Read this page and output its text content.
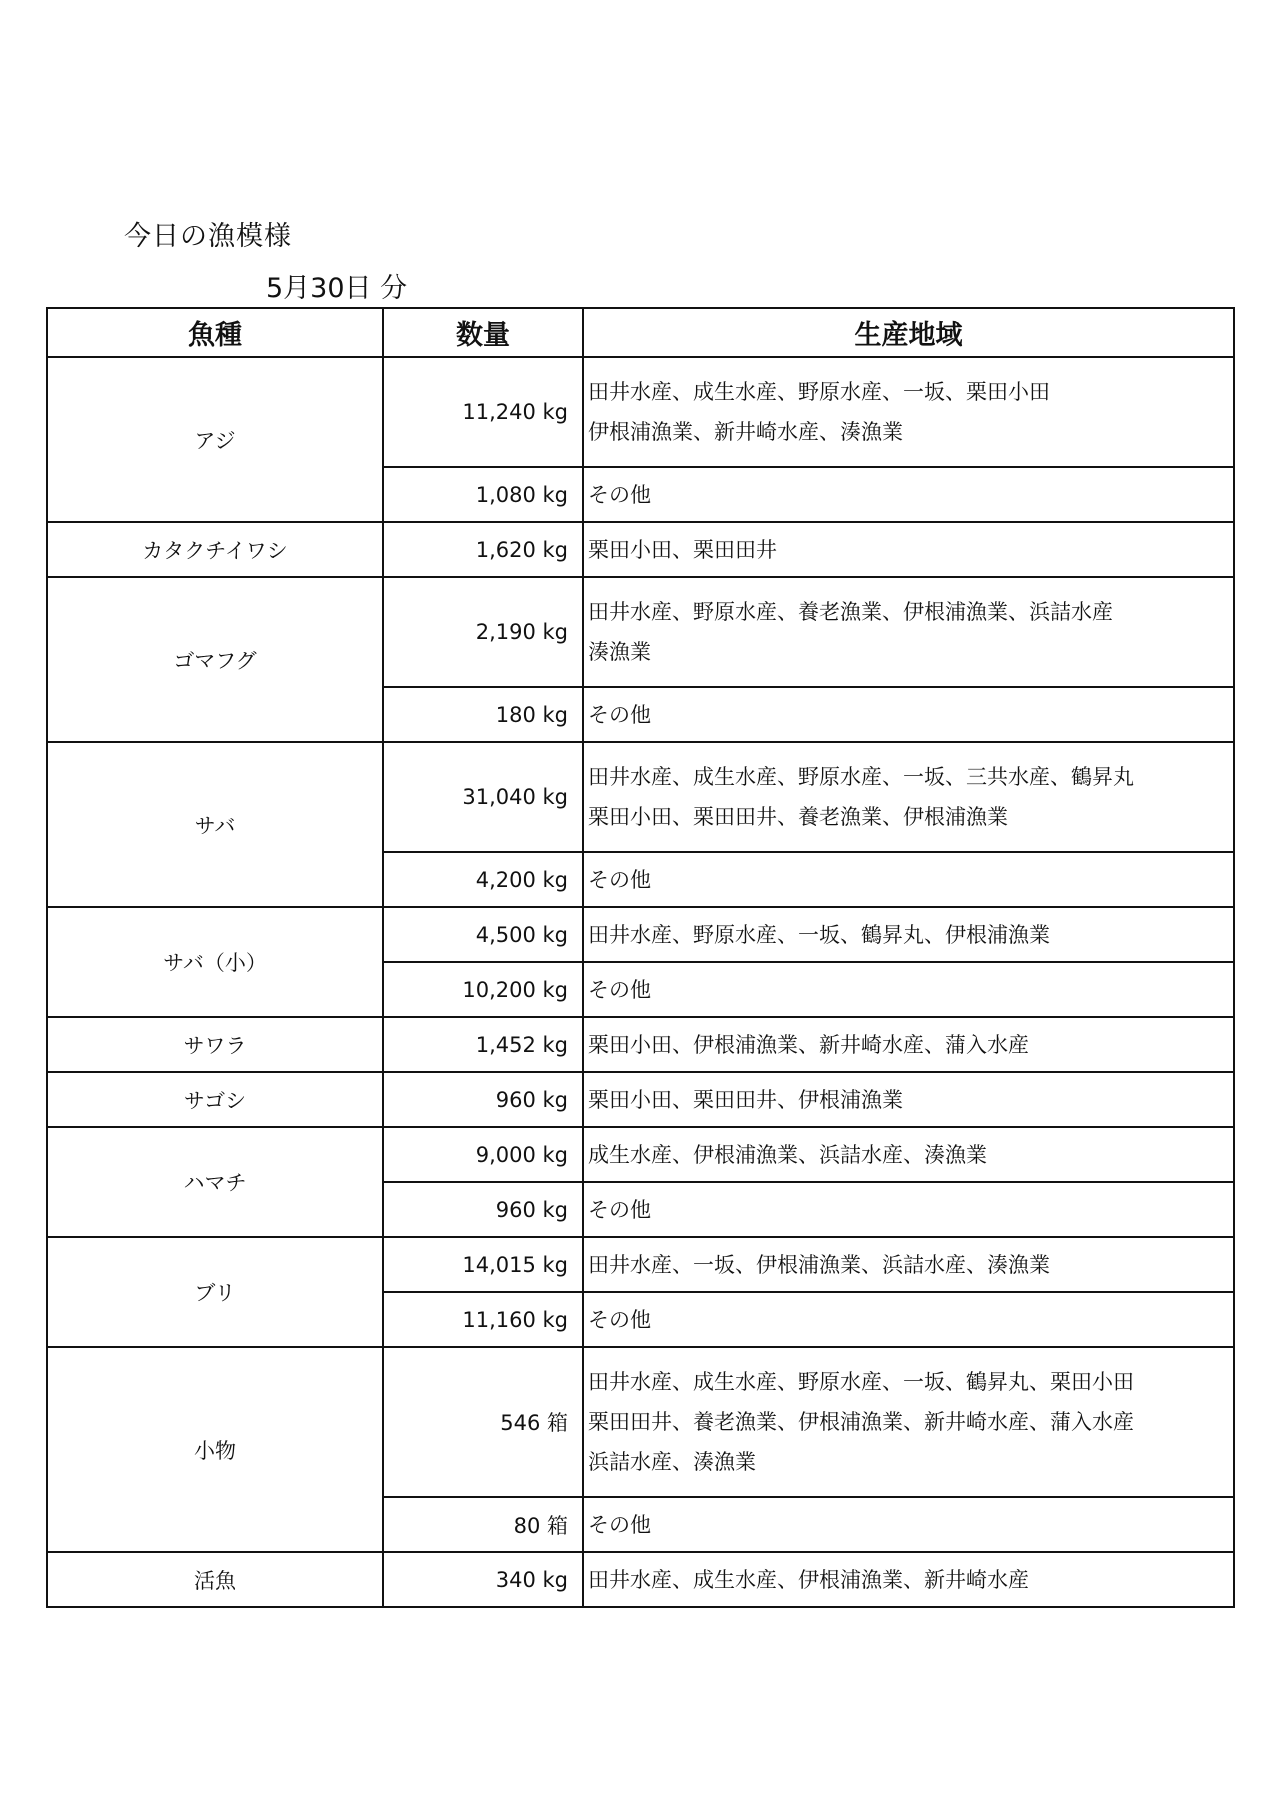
今日の漁模様
5月30日 分
魚種	数量	生産地域
アジ	11,240 kg	田井水産、成生水産、野原水産、一坂、栗田小田
伊根浦漁業、新井崎水産、湊漁業

	1,080 kg	その他

カタクチイワシ	1,620 kg	栗田小田、栗田田井

ゴマフグ	2,190 kg	田井水産、野原水産、養老漁業、伊根浦漁業、浜詰水産
湊漁業

	180 kg	その他

サバ	31,040 kg	田井水産、成生水産、野原水産、一坂、三共水産、鶴昇丸
栗田小田、栗田田井、養老漁業、伊根浦漁業

	4,200 kg	その他

サバ（小）	4,500 kg	田井水産、野原水産、一坂、鶴昇丸、伊根浦漁業

	10,200 kg	その他

サワラ	1,452 kg	栗田小田、伊根浦漁業、新井崎水産、蒲入水産

サゴシ	960 kg	栗田小田、栗田田井、伊根浦漁業

ハマチ	9,000 kg	成生水産、伊根浦漁業、浜詰水産、湊漁業

	960 kg	その他

ブリ	14,015 kg	田井水産、一坂、伊根浦漁業、浜詰水産、湊漁業

	11,160 kg	その他

小物	546 箱	田井水産、成生水産、野原水産、一坂、鶴昇丸、栗田小田
栗田田井、養老漁業、伊根浦漁業、新井崎水産、蒲入水産
浜詰水産、湊漁業

	80 箱	その他

活魚	340 kg	田井水産、成生水産、伊根浦漁業、新井崎水産
